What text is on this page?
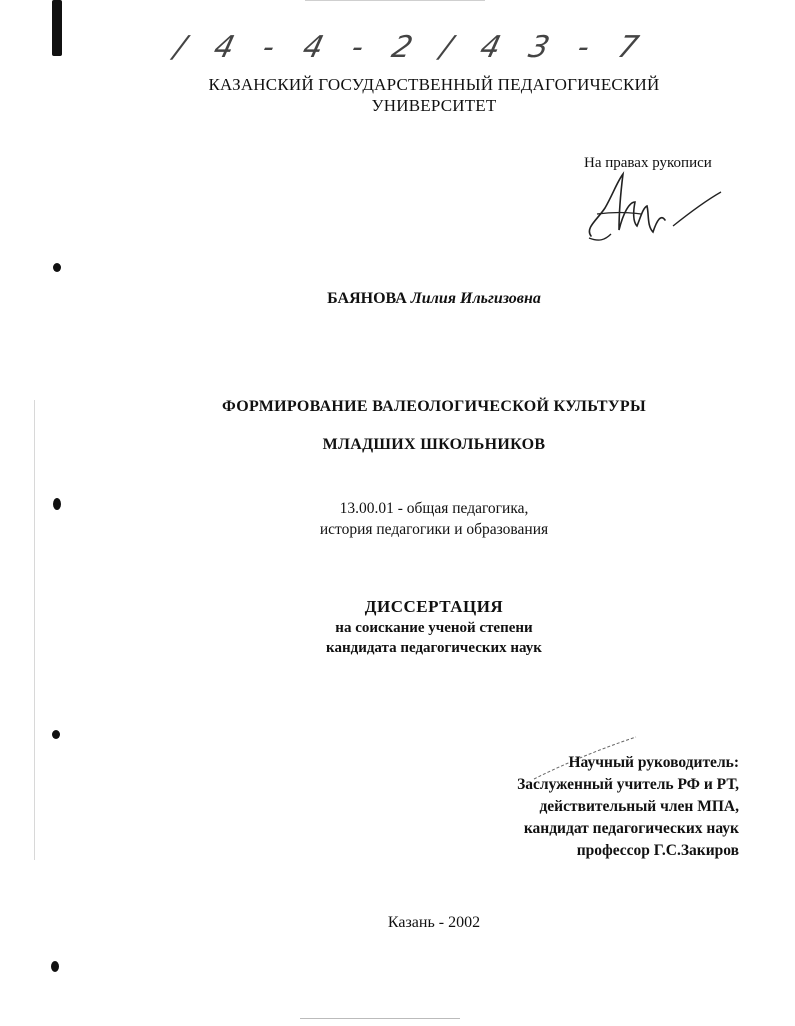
/ 4 - 4 - 2 / 4 3 - 7
КАЗАНСКИЙ ГОСУДАРСТВЕННЫЙ ПЕДАГОГИЧЕСКИЙ
УНИВЕРСИТЕТ
На правах рукописи
БАЯНОВА Лилия Ильгизовна
ФОРМИРОВАНИЕ ВАЛЕОЛОГИЧЕСКОЙ КУЛЬТУРЫ
МЛАДШИХ ШКОЛЬНИКОВ
13.00.01 - общая педагогика,
история педагогики и образования
ДИССЕРТАЦИЯ
на соискание ученой степени
кандидата педагогических наук
Научный руководитель:
Заслуженный учитель РФ и РТ,
действительный член МПА,
кандидат педагогических наук
профессор Г.С.Закиров
Казань - 2002
